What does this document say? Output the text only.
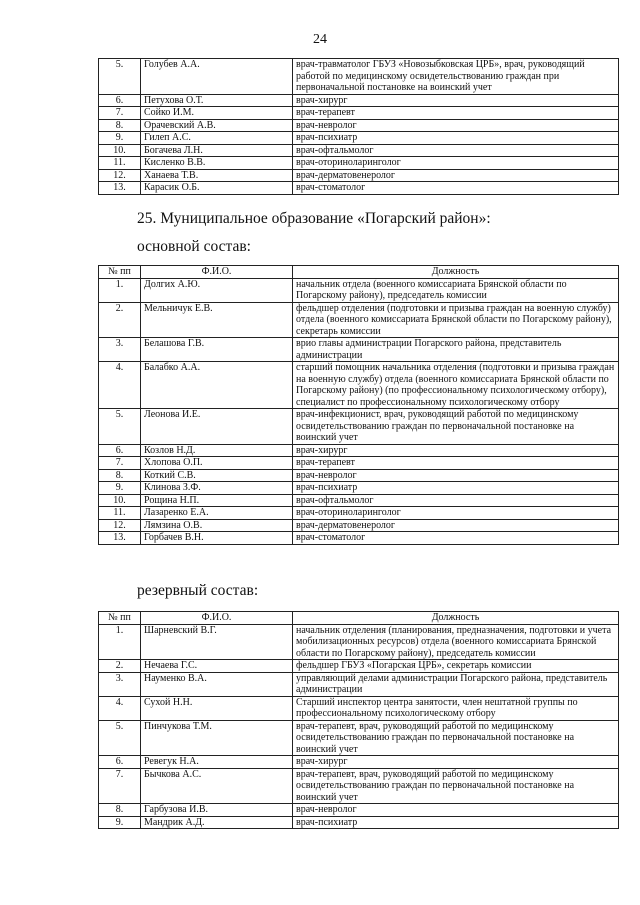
24
5.	Голубев А.А.	врач-травматолог ГБУЗ «Новозыбковская ЦРБ», врач, руководящий работой по медицинскому освидетельствованию граждан при первоначальной постановке на воинский учет
6.	Петухова О.Т.	врач-хирург
7.	Сойко И.М.	врач-терапевт
8.	Орачевский А.В.	врач-невролог
9.	Гилеп А.С.	врач-психиатр
10.	Богачева Л.Н.	врач-офтальмолог
11.	Кисленко В.В.	врач-оториноларинголог
12.	Ханаева Т.В.	врач-дерматовенеролог
13.	Карасик О.Б.	врач-стоматолог
25. Муниципальное образование «Погарский район»:
основной состав:
№ пп	Ф.И.О.	Должность
1.	Долгих А.Ю.	начальник отдела (военного комиссариата Брянской области по Погарскому району), председатель комиссии
2.	Мельничук Е.В.	фельдшер отделения (подготовки и призыва граждан на военную службу) отдела (военного комиссариата Брянской области по Погарскому району), секретарь комиссии
3.	Белашова Г.В.	врио главы администрации Погарского района, представитель администрации
4.	Балабко А.А.	старший помощник начальника отделения (подготовки и призыва граждан на военную службу) отдела (военного комиссариата Брянской области по Погарскому району) (по профессиональному психологическому отбору), специалист по профессиональному психологическому отбору
5.	Леонова И.Е.	врач-инфекционист, врач, руководящий работой по медицинскому освидетельствованию граждан по первоначальной постановке на воинский учет
6.	Козлов Н.Д.	врач-хирург
7.	Хлопова О.П.	врач-терапевт
8.	Коткий С.В.	врач-невролог
9.	Клинова З.Ф.	врач-психиатр
10.	Рощина Н.П.	врач-офтальмолог
11.	Лазаренко Е.А.	врач-оториноларинголог
12.	Лямзина О.В.	врач-дерматовенеролог
13.	Горбачев В.Н.	врач-стоматолог
резервный состав:
№ пп	Ф.И.О.	Должность
1.	Шарневский В.Г.	начальник отделения (планирования, предназначения, подготовки и учета мобилизационных ресурсов) отдела (военного комиссариата Брянской области по Погарскому району), председатель комиссии
2.	Нечаева Г.С.	фельдшер ГБУЗ «Погарская ЦРБ», секретарь комиссии
3.	Науменко В.А.	управляющий делами администрации Погарского района, представитель администрации
4.	Сухой Н.Н.	Старший инспектор центра занятости, член нештатной группы по профессиональному психологическому отбору
5.	Пинчукова Т.М.	врач-терапевт, врач, руководящий работой по медицинскому освидетельствованию граждан по первоначальной постановке на воинский учет
6.	Ревегук Н.А.	врач-хирург
7.	Бычкова А.С.	врач-терапевт, врач, руководящий работой по медицинскому освидетельствованию граждан по первоначальной постановке на воинский учет
8.	Гарбузова И.В.	врач-невролог
9.	Мандрик А.Д.	врач-психиатр
